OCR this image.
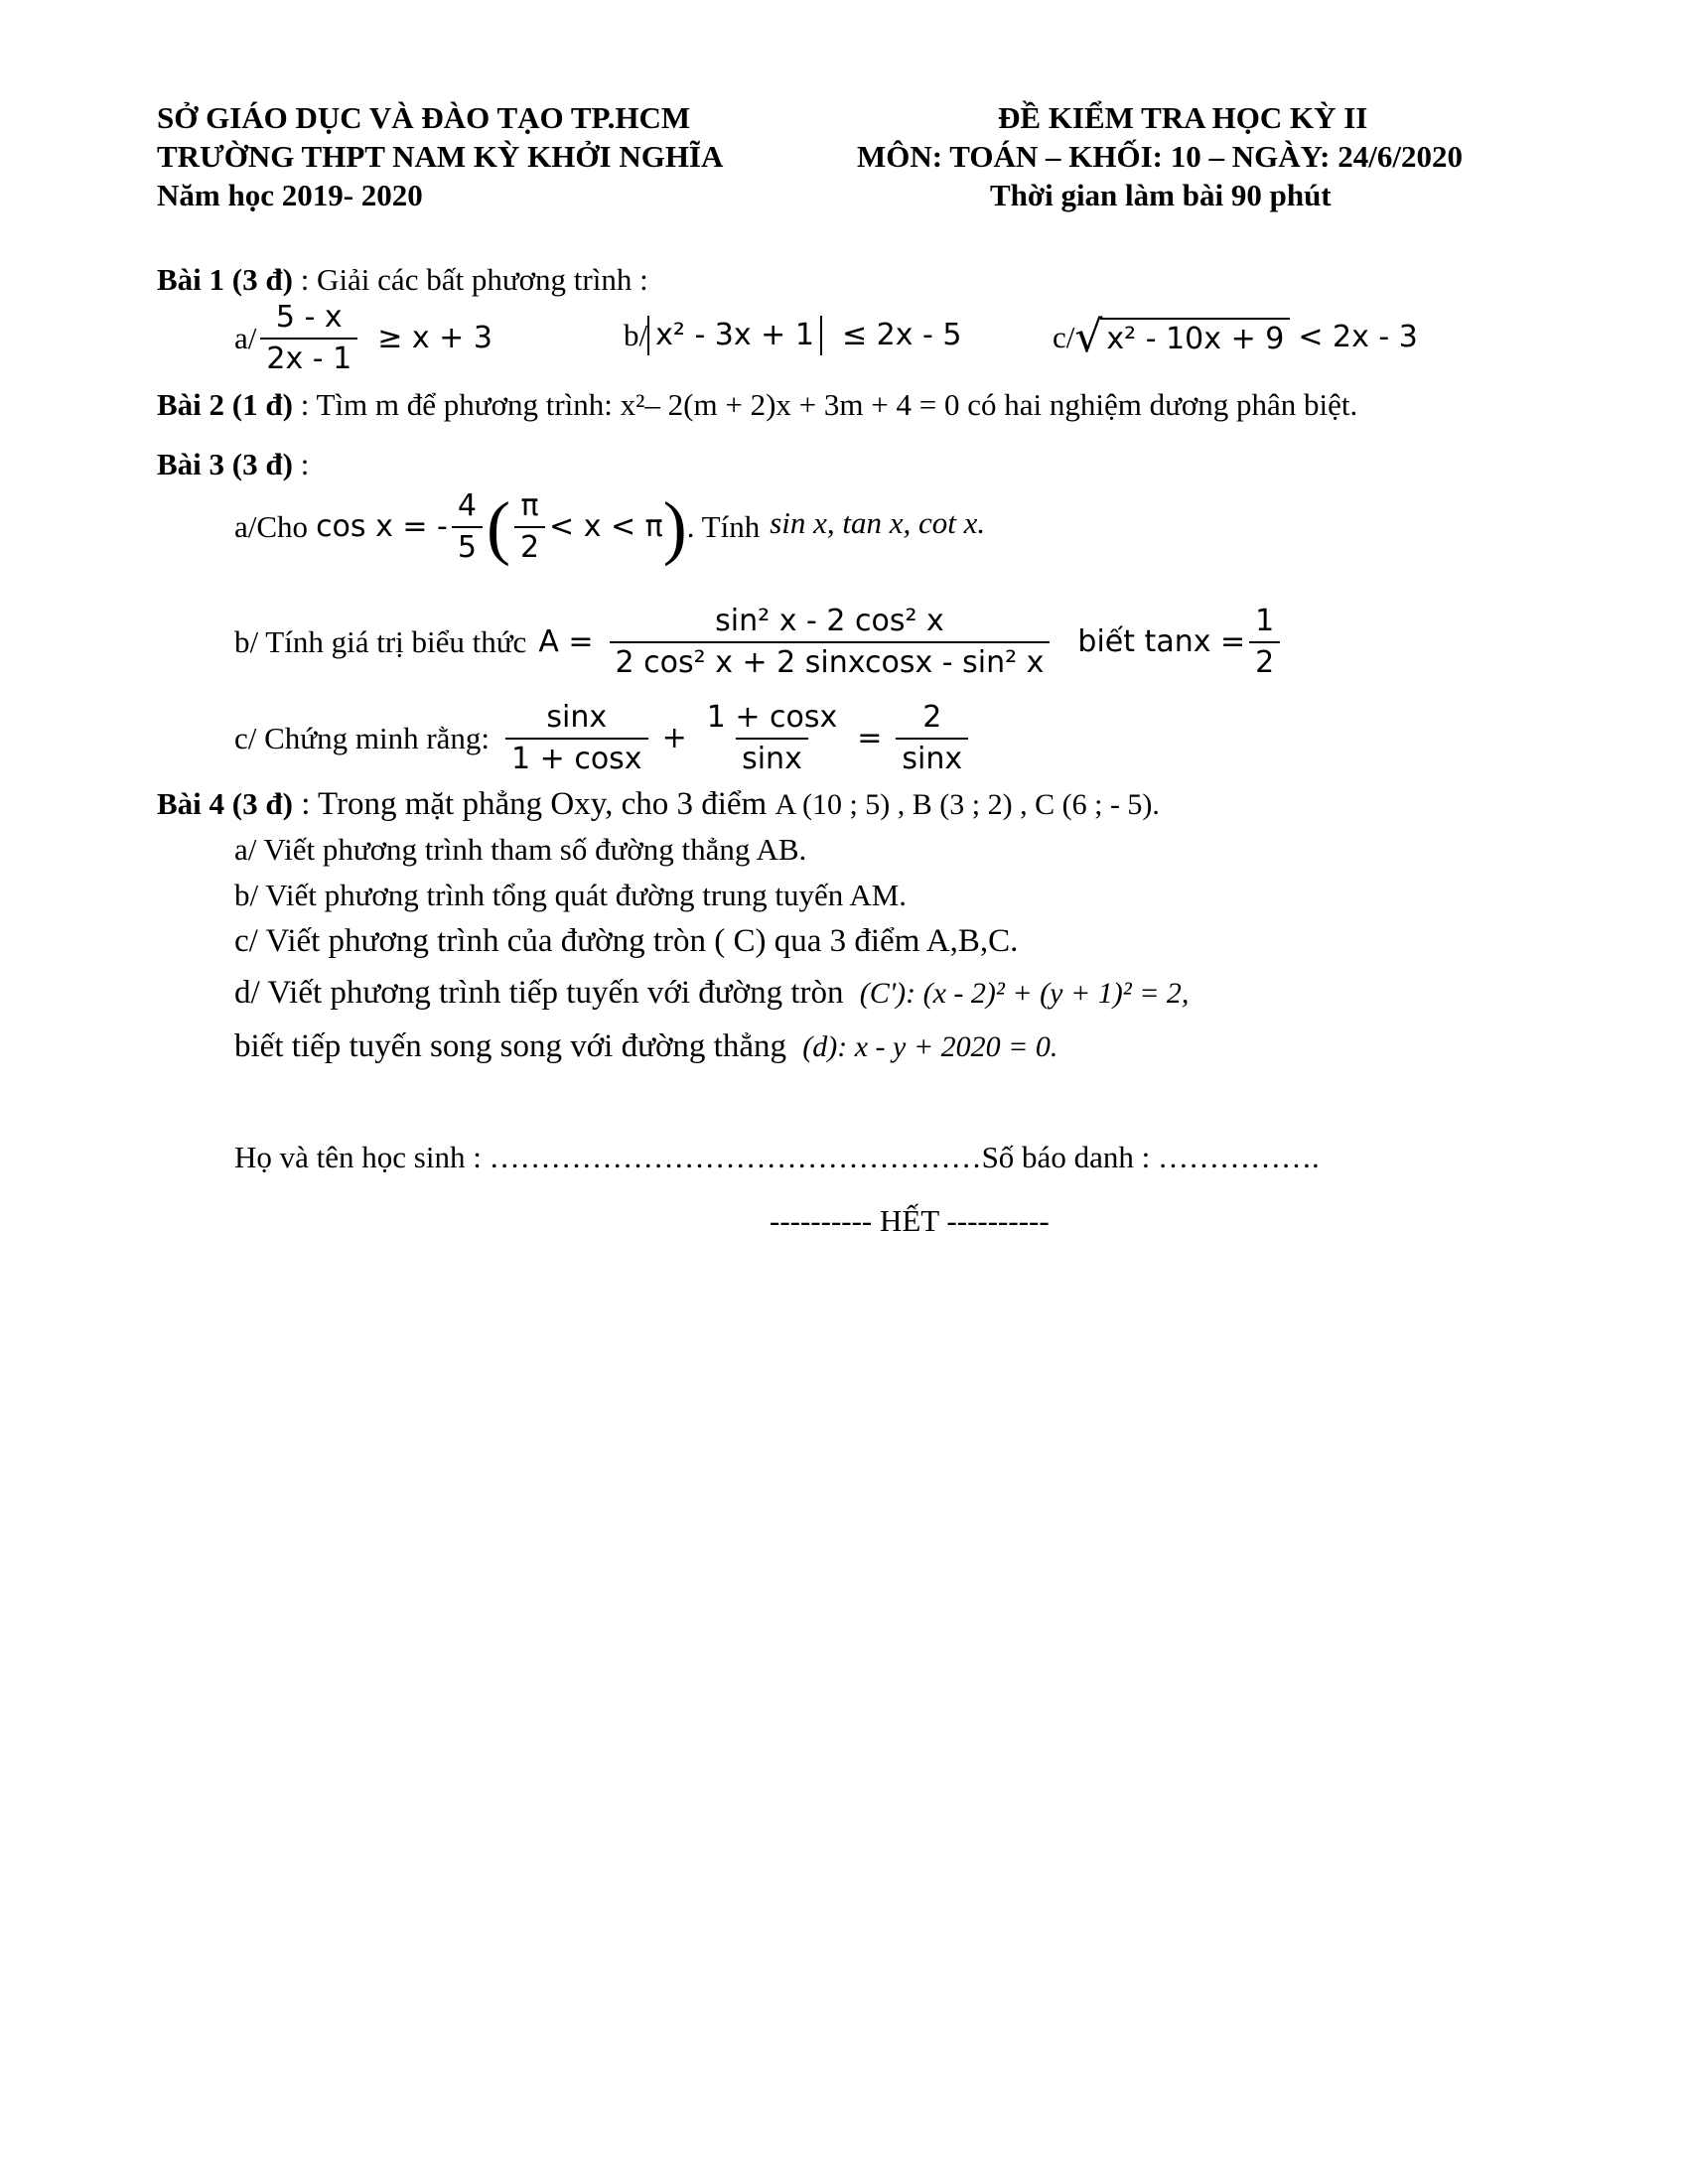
SỞ GIÁO DỤC VÀ ĐÀO TẠO TP.HCM
TRƯỜNG THPT NAM KỲ KHỞI NGHĨA
Năm học 2019- 2020
ĐỀ KIỂM TRA HỌC KỲ II
MÔN: TOÁN – KHỐI: 10 – NGÀY: 24/6/2020
Thời gian làm bài 90 phút
Bài 1 (3 đ) : Giải các bất phương trình :
$a/ \frac{5 - x}{2x - 1} \ge x + 3$	b/ x² - 3x + 1 ≤ 2x - 5	c/ √ x² - 10x + 9 < 2x - 3
Bài 2 (1 đ) : Tìm m để phương trình: x²– 2(m + 2)x + 3m + 4 = 0 có hai nghiệm dương phân biệt.
Bài 3 (3 đ) :
a/Cho cos x = - $\frac{4}{5}$ ( $\frac{\pi}{2} < x < \pi$ ) . Tính sin x, tan x, cot x.
b/ Tính giá trị biểu thức $A = \frac{\text{sin² x - 2 cos² x}}{\text{2 cos² x + 2 sinxcosx - sin² x}}$ biết $\tan x = \frac{1}{2}$
c/ Chứng minh rằng: $\frac{\sin x}{1 + \cos x} + \frac{1 + \cos x}{\sin x} = \frac{2}{\sin x}$
Bài 4 (3 đ) : Trong mặt phẳng Oxy, cho 3 điểm A (10 ; 5) , B (3 ; 2) , C (6 ; - 5).
a/ Viết phương trình tham số đường thẳng AB.
b/ Viết phương trình tổng quát đường trung tuyến AM.
c/ Viết phương trình của đường tròn ( C) qua 3 điểm A,B,C.
d/ Viết phương trình tiếp tuyến với đường tròn (C'): (x - 2)² + (y + 1)² = 2,
biết tiếp tuyến song song với đường thẳng (d): x - y + 2020 = 0.
Họ và tên học sinh : …………………………………………Số báo danh : …………….
---------- HẾT ----------
